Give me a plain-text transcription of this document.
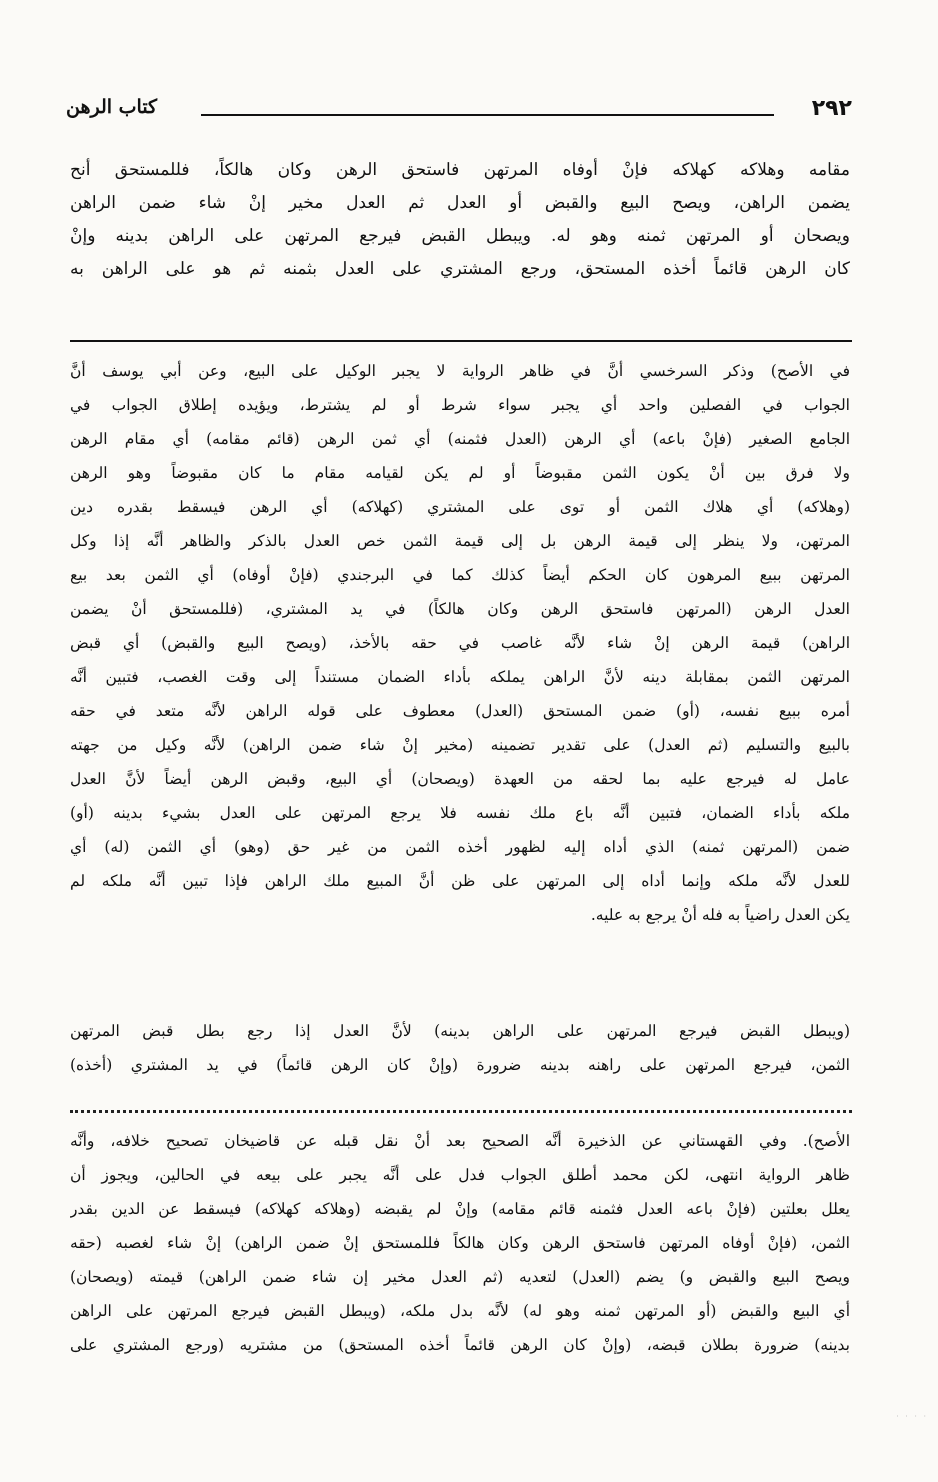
٢٩٢
كتاب الرهن
مقامه وهلاكه كهلاكه فإنْ أوفاه المرتهن فاستحق الرهن وكان هالكاً، فللمستحق أنح
يضمن الراهن، ويصح البيع والقبض أو العدل ثم العدل مخير إنْ شاء ضمن الراهن
ويصحان أو المرتهن ثمنه وهو له. ويبطل القبض فيرجع المرتهن على الراهن بدينه وإنْ
كان الرهن قائماً أخذه المستحق، ورجع المشتري على العدل بثمنه ثم هو على الراهن به
في الأصح) وذكر السرخسي أنَّ في ظاهر الرواية لا يجبر الوكيل على البيع، وعن أبي يوسف أنَّ
الجواب في الفصلين واحد أي يجبر سواء شرط أو لم يشترط، ويؤيده إطلاق الجواب في
الجامع الصغير (فإنْ باعه) أي الرهن (العدل فثمنه) أي ثمن الرهن (قائم مقامه) أي مقام الرهن
ولا فرق بين أنْ يكون الثمن مقبوضاً أو لم يكن لقيامه مقام ما كان مقبوضاً وهو الرهن
(وهلاكه) أي هلاك الثمن أو توى على المشتري (كهلاكه) أي الرهن فيسقط بقدره دين
المرتهن، ولا ينظر إلى قيمة الرهن بل إلى قيمة الثمن خص العدل بالذكر والظاهر أنَّه إذا وكل
المرتهن ببيع المرهون كان الحكم أيضاً كذلك كما في البرجندي (فإنْ أوفاه) أي الثمن بعد بيع
العدل الرهن (المرتهن فاستحق الرهن وكان هالكاً) في يد المشتري، (فللمستحق أنْ يضمن
الراهن) قيمة الرهن إنْ شاء لأنَّه غاصب في حقه بالأخذ، (ويصح البيع والقبض) أي قبض
المرتهن الثمن بمقابلة دينه لأنَّ الراهن يملكه بأداء الضمان مستنداً إلى وقت الغصب، فتبين أنَّه
أمره ببيع نفسه، (أو) ضمن المستحق (العدل) معطوف على قوله الراهن لأنَّه متعد في حقه
بالبيع والتسليم (ثم العدل) على تقدير تضمينه (مخير إنْ شاء ضمن الراهن) لأنَّه وكيل من جهته
عامل له فيرجع عليه بما لحقه من العهدة (ويصحان) أي البيع، وقبض الرهن أيضاً لأنَّ العدل
ملكه بأداء الضمان، فتبين أنَّه باع ملك نفسه فلا يرجع المرتهن على العدل بشيء بدينه (أو)
ضمن (المرتهن ثمنه) الذي أداه إليه لظهور أخذه الثمن من غير حق (وهو) أي الثمن (له) أي
للعدل لأنَّه ملكه وإنما أداه إلى المرتهن على ظن أنَّ المبيع ملك الراهن فإذا تبين أنَّه ملكه لم
يكن العدل راضياً به فله أنْ يرجع به عليه.
(ويبطل القبض فيرجع المرتهن على الراهن بدينه) لأنَّ العدل إذا رجع بطل قبض المرتهن
الثمن، فيرجع المرتهن على راهنه بدينه ضرورة (وإنْ كان الرهن قائماً) في يد المشتري (أخذه)
الأصح). وفي القهستاني عن الذخيرة أنَّه الصحيح بعد أنْ نقل قبله عن قاضيخان تصحيح خلافه، وأنَّه
ظاهر الرواية انتهى، لكن محمد أطلق الجواب فدل على أنَّه يجبر على بيعه في الحالين، ويجوز أن
يعلل بعلتين (فإنْ باعه العدل فثمنه قائم مقامه) وإنْ لم يقبضه (وهلاكه كهلاكه) فيسقط عن الدين بقدر
الثمن، (فإنْ أوفاه المرتهن فاستحق الرهن وكان هالكاً فللمستحق إنْ ضمن الراهن) إنْ شاء لغصبه (حقه
ويصح البيع والقبض و) يضم (العدل) لتعديه (ثم العدل مخير إن شاء ضمن الراهن) قيمته (ويصحان)
أي البيع والقبض (أو المرتهن ثمنه وهو له) لأنَّه بدل ملكه، (ويبطل القبض فيرجع المرتهن على الراهن
بدينه) ضرورة بطلان قبضه، (وإنْ كان الرهن قائماً أخذه المستحق) من مشتريه (ورجع المشتري على
· · · ·
